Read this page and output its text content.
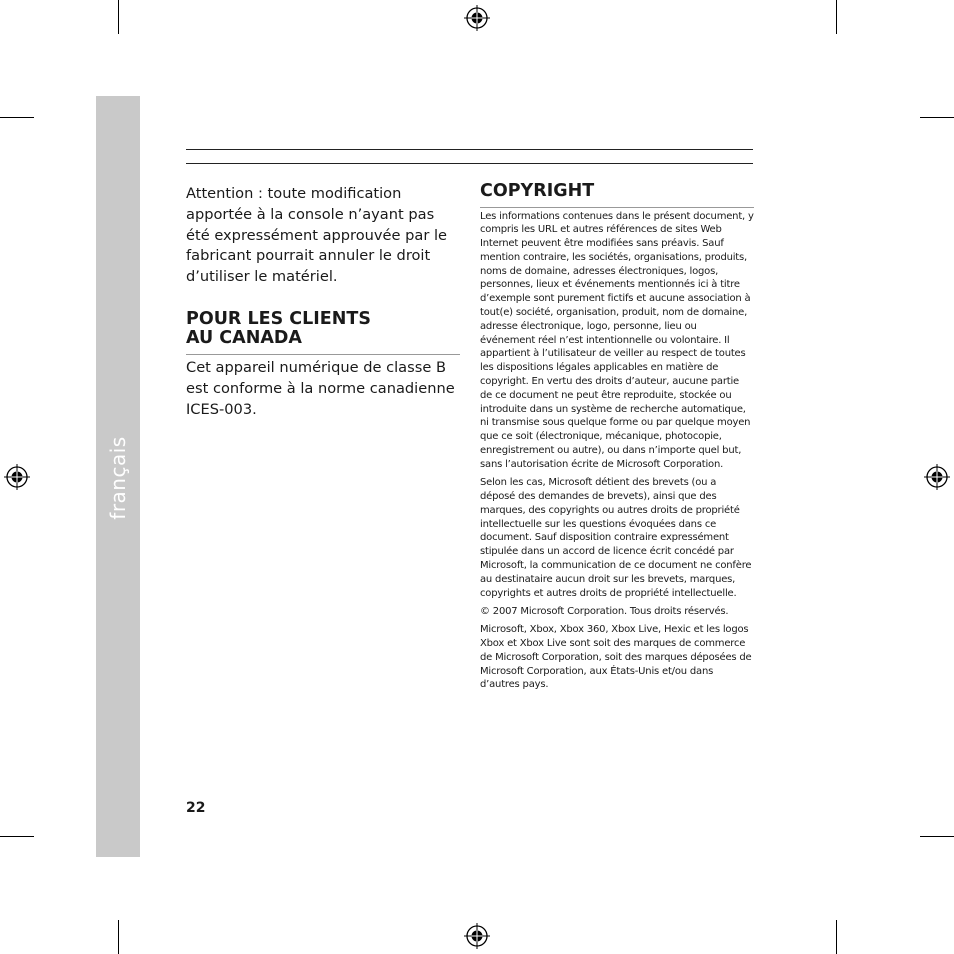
français

Attention : toute modification apportée à la console n’ayant pas été expressément approuvée par le fabricant pourrait annuler le droit d’utiliser le matériel.

POUR LES CLIENTS
AU CANADA

Cet appareil numérique de classe B est conforme à la norme canadienne ICES-003.

COPYRIGHT

Les informations contenues dans le présent document, y compris les URL et autres références de sites Web Internet peuvent être modifiées sans préavis. Sauf mention contraire, les sociétés, organisations, produits, noms de domaine, adresses électroniques, logos, personnes, lieux et événements mentionnés ici à titre d’exemple sont purement fictifs et aucune association à tout(e) société, organisation, produit, nom de domaine, adresse électronique, logo, personne, lieu ou événement réel n’est intentionnelle ou volontaire. Il appartient à l’utilisateur de veiller au respect de toutes les dispositions légales applicables en matière de copyright. En vertu des droits d’auteur, aucune partie de ce document ne peut être reproduite, stockée ou introduite dans un système de recherche automatique, ni transmise sous quelque forme ou par quelque moyen que ce soit (électronique, mécanique, photocopie, enregistrement ou autre), ou dans n’importe quel but, sans l’autorisation écrite de Microsoft Corporation.

Selon les cas, Microsoft détient des brevets (ou a déposé des demandes de brevets), ainsi que des marques, des copyrights ou autres droits de propriété intellectuelle sur les questions évoquées dans ce document. Sauf disposition contraire expressément stipulée dans un accord de licence écrit concédé par Microsoft, la communication de ce document ne confère au destinataire aucun droit sur les brevets, marques, copyrights et autres droits de propriété intellectuelle.

© 2007 Microsoft Corporation. Tous droits réservés.

Microsoft, Xbox, Xbox 360, Xbox Live, Hexic et les logos Xbox et Xbox Live sont soit des marques de commerce de Microsoft Corporation, soit des marques déposées de Microsoft Corporation, aux États-Unis et/ou dans d’autres pays.

22
